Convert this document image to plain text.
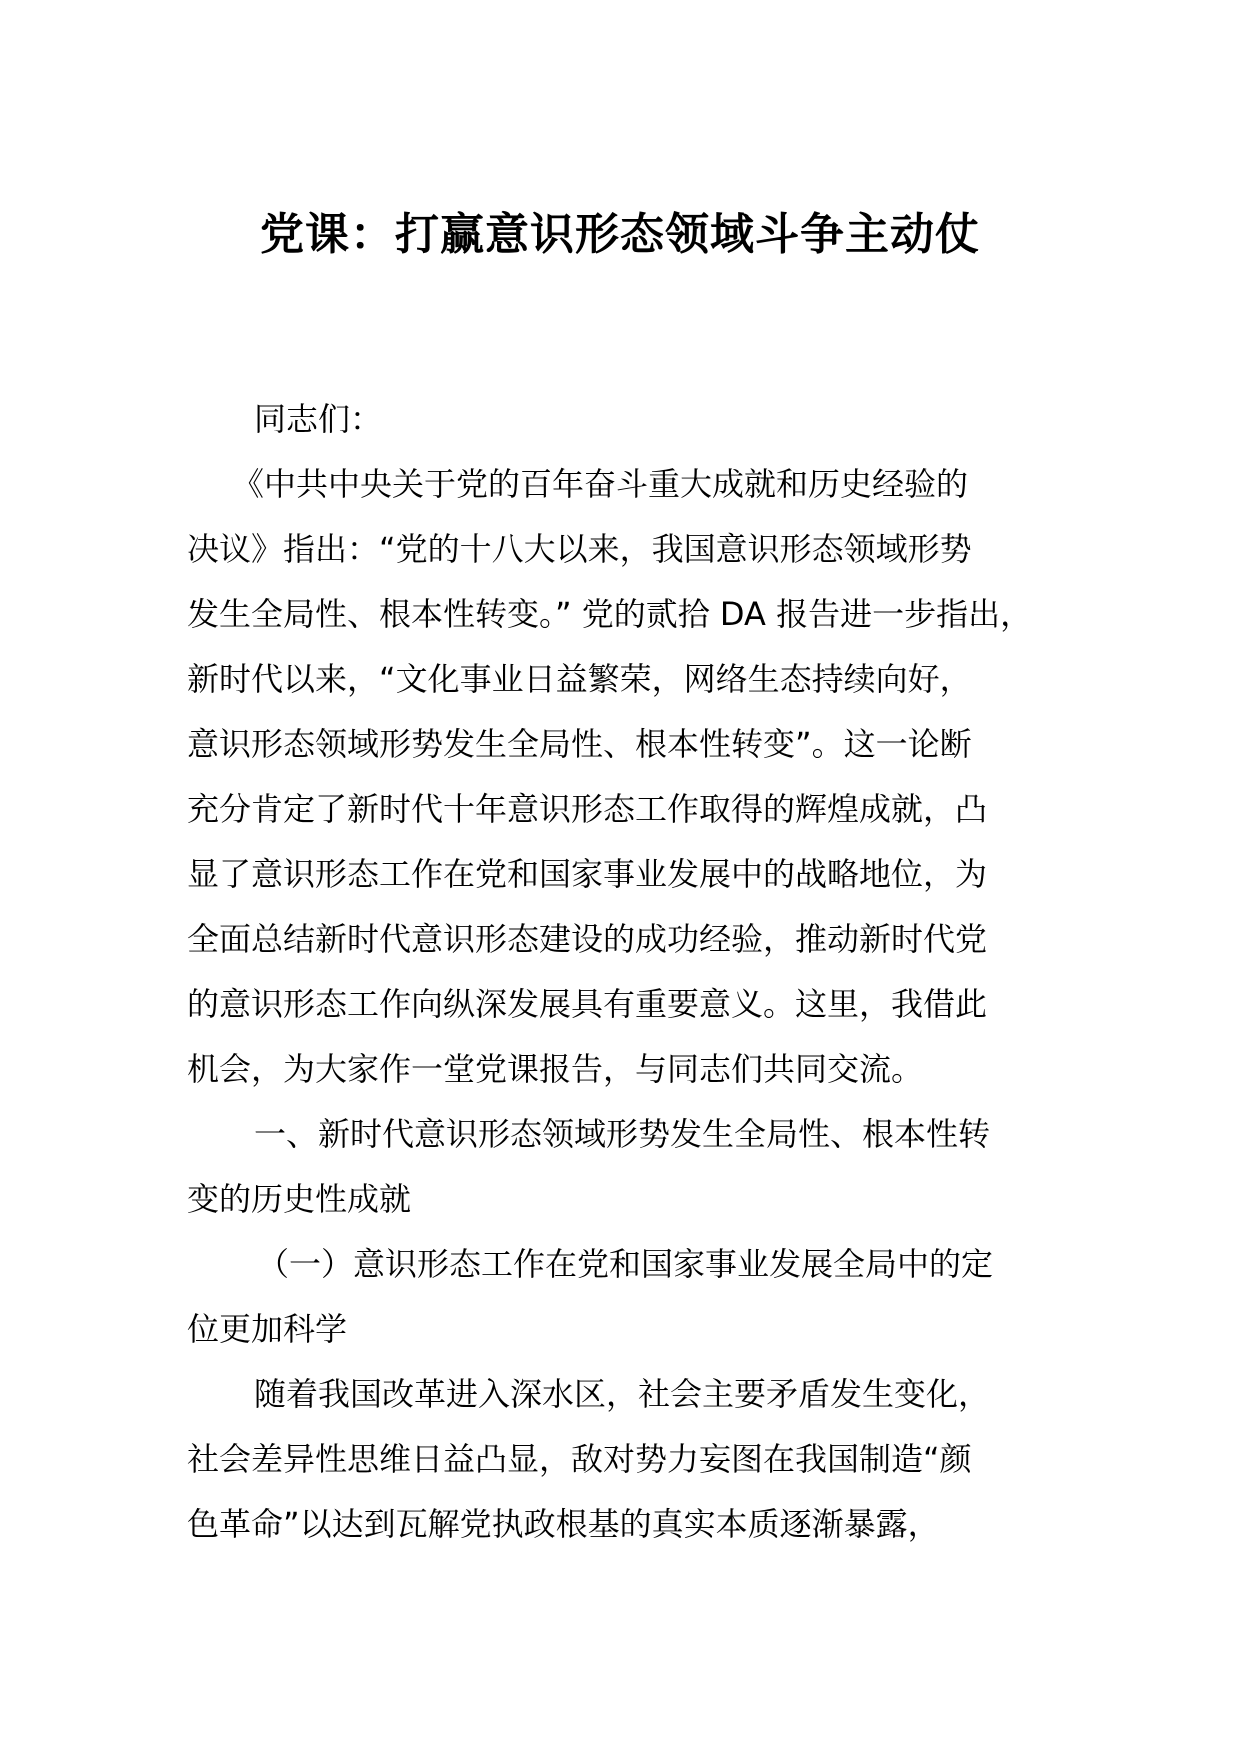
党课：打赢意识形态领域斗争主动仗
同志们：
《中共中央关于党的百年奋斗重大成就和历史经验的
决议》指出：“党的十八大以来，我国意识形态领域形势
发生全局性、根本性转变。” 党的贰拾 DA 报告进一步指出，
新时代以来，“文化事业日益繁荣，网络生态持续向好，
意识形态领域形势发生全局性、根本性转变”。这一论断
充分肯定了新时代十年意识形态工作取得的辉煌成就，凸
显了意识形态工作在党和国家事业发展中的战略地位，为
全面总结新时代意识形态建设的成功经验，推动新时代党
的意识形态工作向纵深发展具有重要意义。这里，我借此
机会，为大家作一堂党课报告，与同志们共同交流。
一、新时代意识形态领域形势发生全局性、根本性转
变的历史性成就
（一）意识形态工作在党和国家事业发展全局中的定
位更加科学
随着我国改革进入深水区，社会主要矛盾发生变化，
社会差异性思维日益凸显，敌对势力妄图在我国制造“颜
色革命”以达到瓦解党执政根基的真实本质逐渐暴露，
